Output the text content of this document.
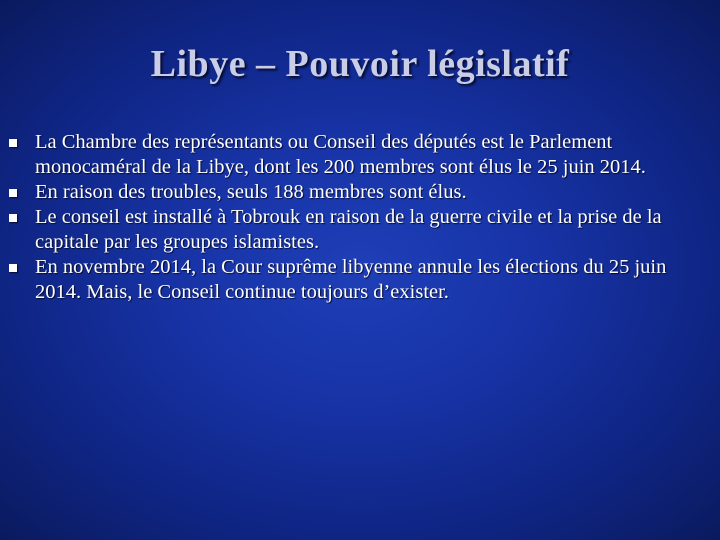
Libye – Pouvoir législatif
La Chambre des représentants ou Conseil des députés est le Parlement monocaméral de la Libye, dont les 200 membres sont élus le 25 juin 2014.
En raison des troubles, seuls 188 membres sont élus.
Le conseil est installé à Tobrouk en raison de la guerre civile et la prise de la capitale par les groupes islamistes.
En novembre 2014, la Cour suprême libyenne annule les élections du 25 juin 2014. Mais, le Conseil continue toujours d’exister.
